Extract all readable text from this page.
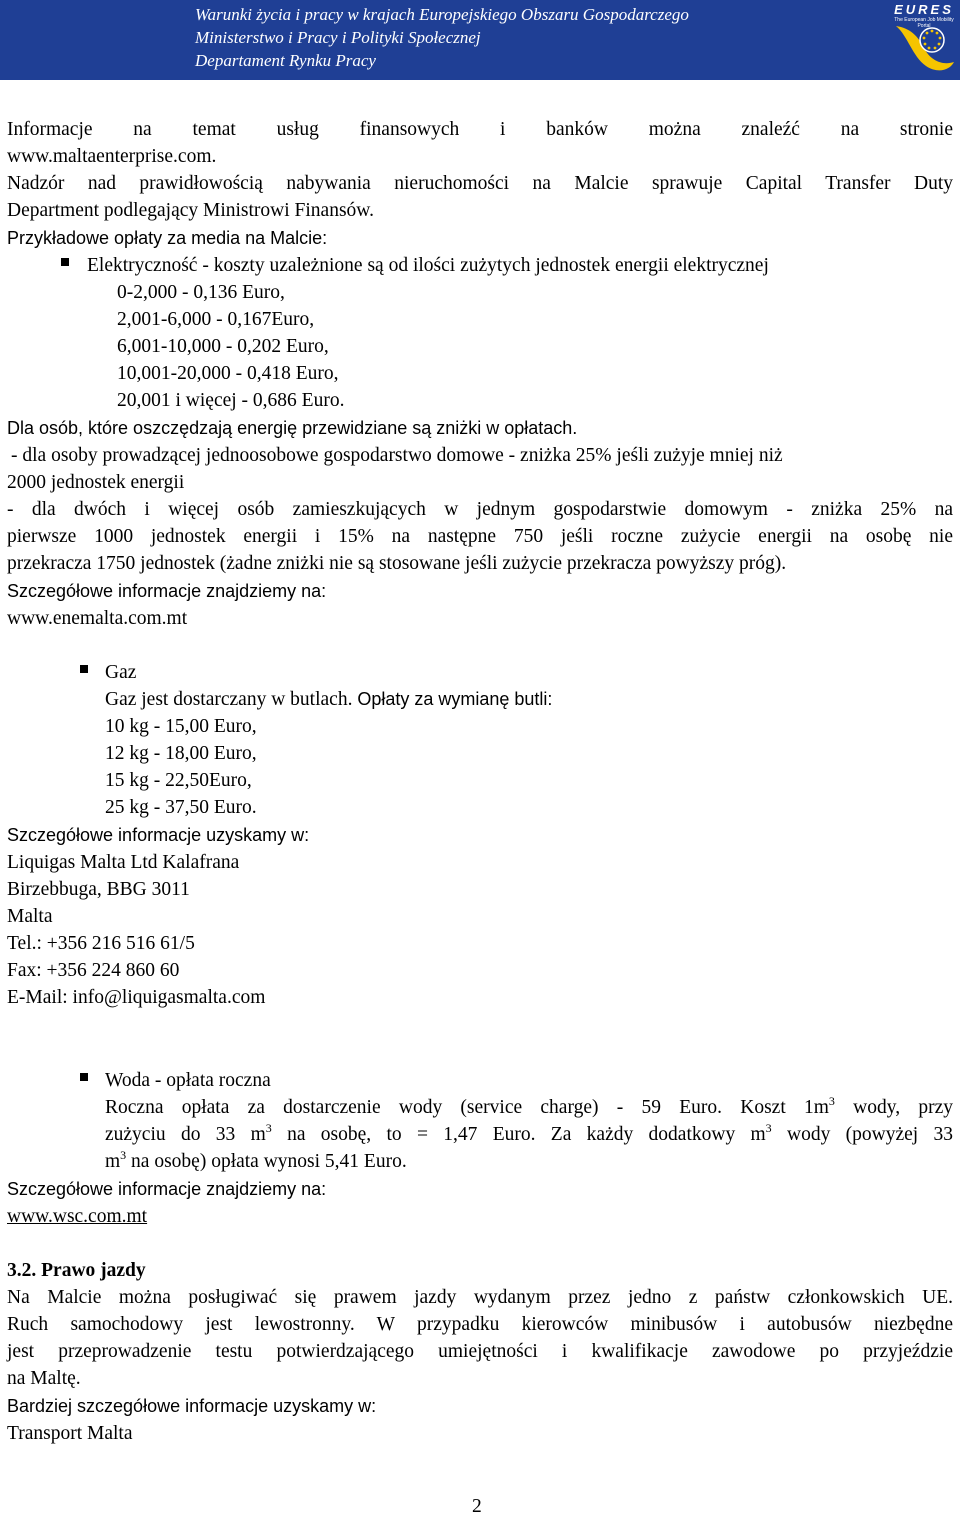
Warunki życia i pracy w krajach Europejskiego Obszaru Gospodarczego
Ministerstwo i Pracy i Polityki Społecznej
Departament Rynku Pracy
EURES
The European Job Mobility Portal
Informacje na temat usług finansowych i banków można znaleźć na stronie
www.maltaenterprise.com.
Nadzór nad prawidłowością nabywania nieruchomości na Malcie sprawuje Capital Transfer Duty
Department podlegający Ministrowi Finansów.
Przykładowe opłaty za media na Malcie:
Elektryczność - koszty uzależnione są od ilości zużytych jednostek energii elektrycznej
0-2,000 - 0,136 Euro,
2,001-6,000 - 0,167Euro,
6,001-10,000 - 0,202 Euro,
10,001-20,000 - 0,418 Euro,
20,001 i więcej - 0,686 Euro.
Dla osób, które oszczędzają energię przewidziane są zniżki w opłatach.
- dla osoby prowadzącej jednoosobowe gospodarstwo domowe - zniżka 25% jeśli zużyje mniej niż
2000 jednostek energii
- dla dwóch i więcej osób zamieszkujących w jednym gospodarstwie domowym - zniżka 25% na
pierwsze 1000 jednostek energii i 15% na następne 750 jeśli roczne zużycie energii na osobę nie
przekracza 1750 jednostek (żadne zniżki nie są stosowane jeśli zużycie przekracza powyższy próg).
Szczegółowe informacje znajdziemy na:
www.enemalta.com.mt
Gaz
Gaz jest dostarczany w butlach. Opłaty za wymianę butli:
10 kg - 15,00 Euro,
12 kg - 18,00 Euro,
15 kg - 22,50Euro,
25 kg - 37,50 Euro.
Szczegółowe informacje uzyskamy w:
Liquigas Malta Ltd Kalafrana
Birzebbuga, BBG 3011
Malta
Tel.: +356 216 516 61/5
Fax: +356 224 860 60
E-Mail: info@liquigasmalta.com
Woda - opłata roczna
Roczna opłata za dostarczenie wody (service charge) - 59 Euro. Koszt $1m^3$ wody, przy
zużyciu do 33 $m^3$ na osobę, to = 1,47 Euro. Za każdy dodatkowy $m^3$ wody (powyżej 33
$m^3$ na osobę) opłata wynosi 5,41 Euro.
Szczegółowe informacje znajdziemy na:
www.wsc.com.mt
3.2. Prawo jazdy
Na Malcie można posługiwać się prawem jazdy wydanym przez jedno z państw członkowskich UE.
Ruch samochodowy jest lewostronny. W przypadku kierowców minibusów i autobusów niezbędne
jest przeprowadzenie testu potwierdzającego umiejętności i kwalifikacje zawodowe po przyjeździe
na Maltę.
Bardziej szczegółowe informacje uzyskamy w:
Transport Malta
2
